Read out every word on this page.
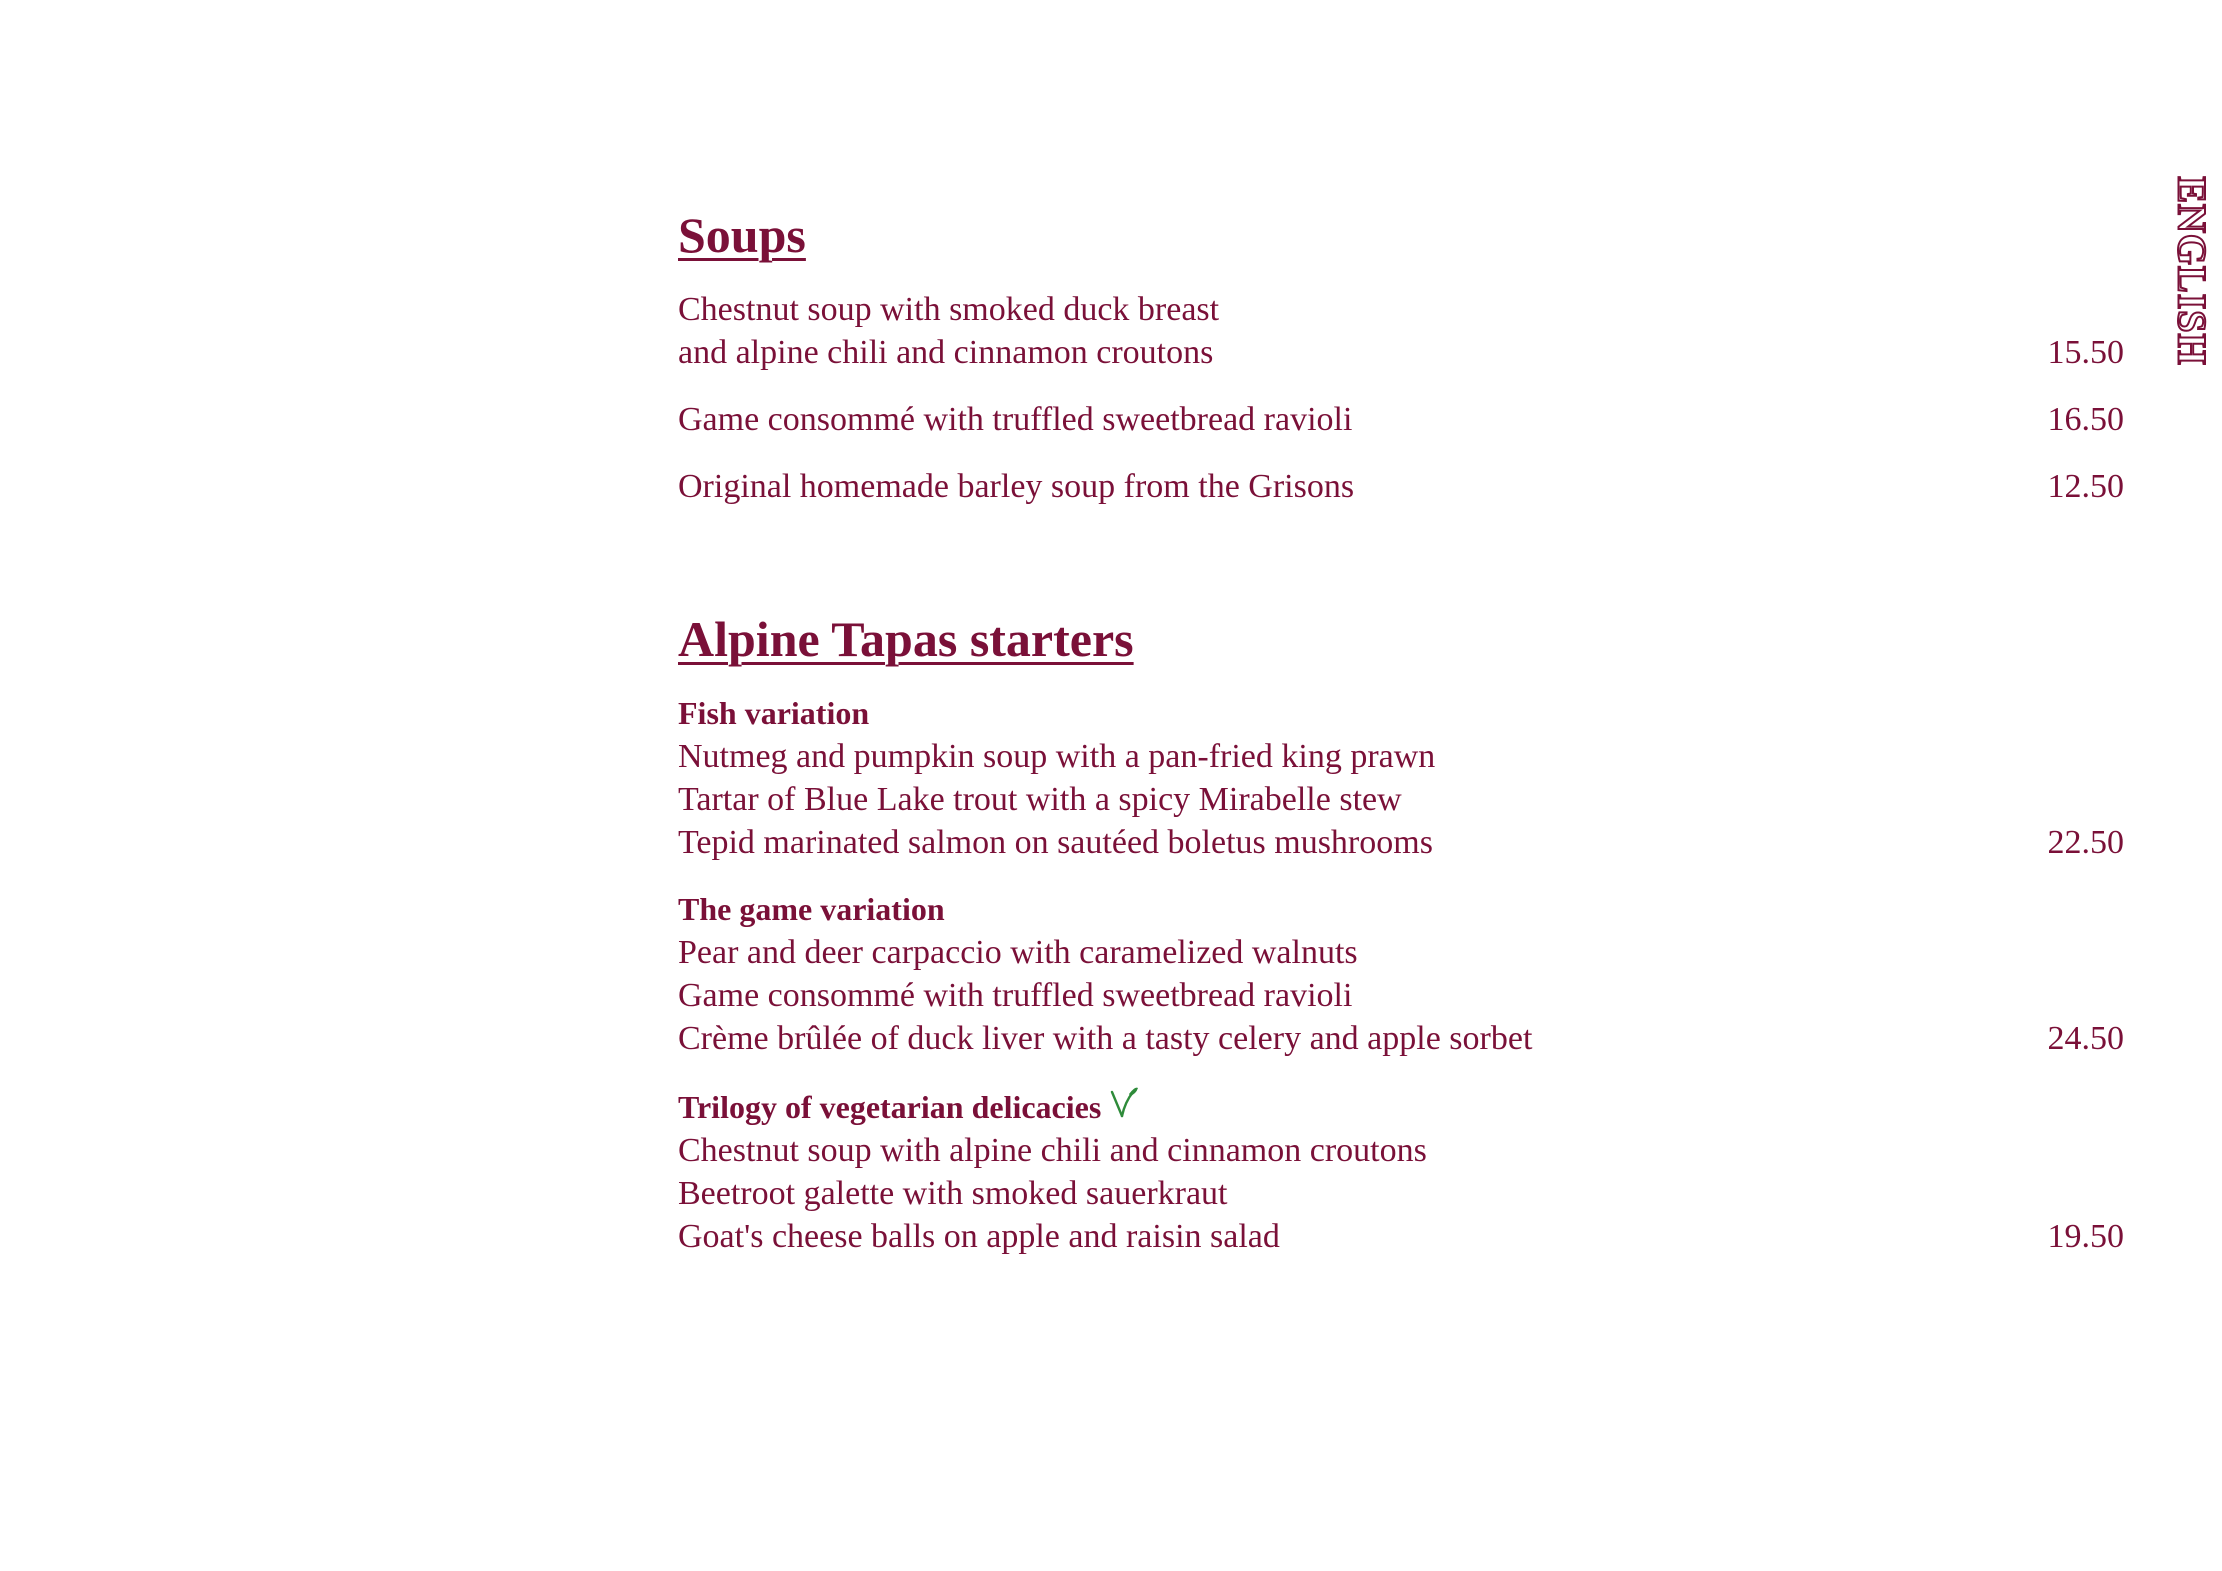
ENGLISH
Soups
Chestnut soup with smoked duck breast
and alpine chili and cinnamon croutons	15.50
Game consommé with truffled sweetbread ravioli	16.50
Original homemade barley soup from the Grisons	12.50
Alpine Tapas starters
Fish variation
Nutmeg and pumpkin soup with a pan-fried king prawn
Tartar of Blue Lake trout with a spicy Mirabelle stew
Tepid marinated salmon on sautéed boletus mushrooms	22.50
The game variation
Pear and deer carpaccio with caramelized walnuts
Game consommé with truffled sweetbread ravioli
Crème brûlée of duck liver with a tasty celery and apple sorbet	24.50
Trilogy of vegetarian delicacies
Chestnut soup with alpine chili and cinnamon croutons
Beetroot galette with smoked sauerkraut
Goat's cheese balls on apple and raisin salad	19.50
